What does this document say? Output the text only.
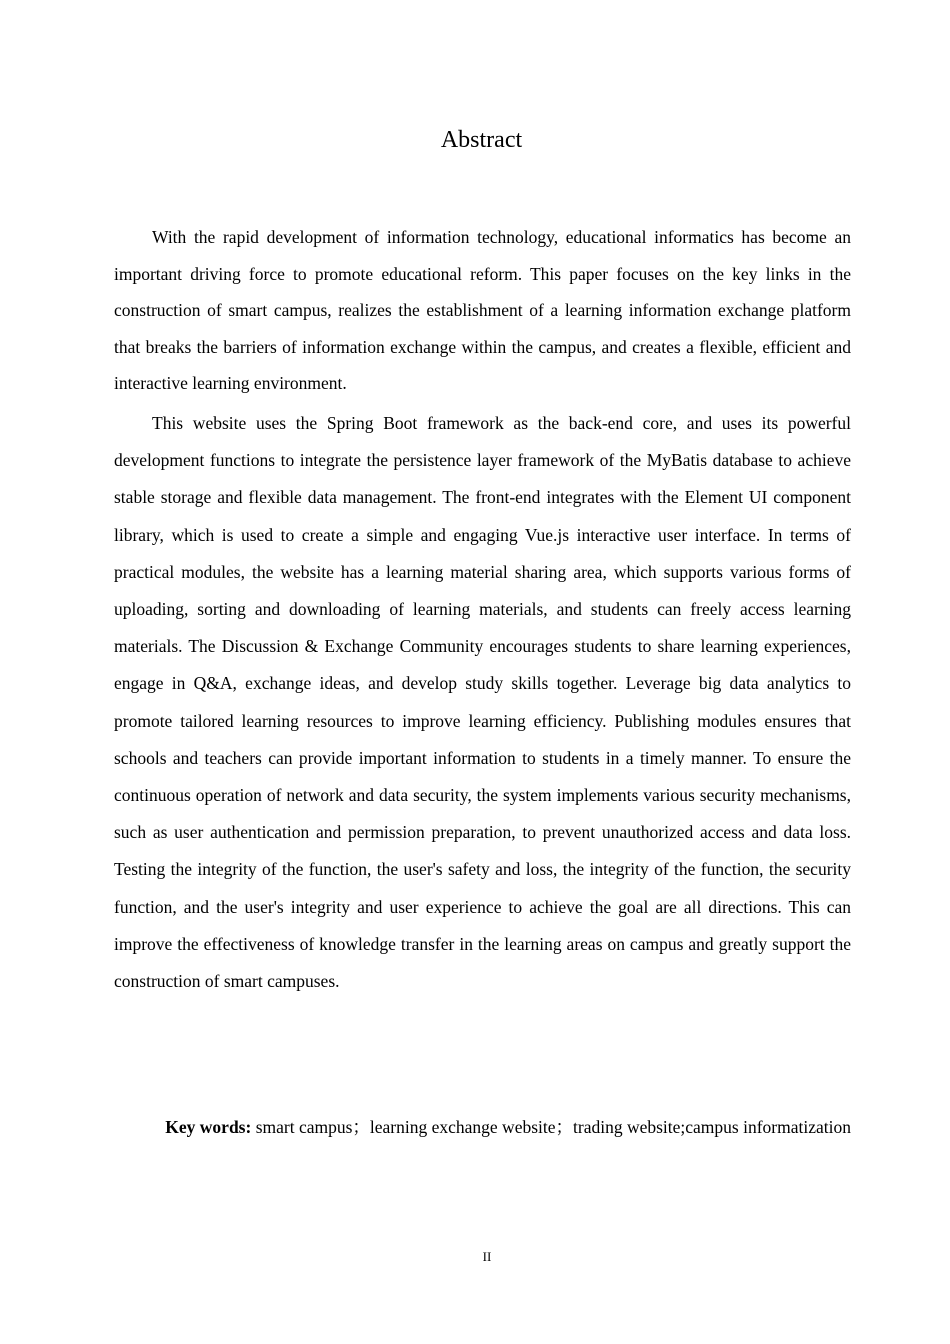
Abstract

With the rapid development of information technology, educational informatics has become an important driving force to promote educational reform. This paper focuses on the key links in the construction of smart campus, realizes the establishment of a learning information exchange platform that breaks the barriers of information exchange within the campus, and creates a flexible, efficient and interactive learning environment.

This website uses the Spring Boot framework as the back-end core, and uses its powerful development functions to integrate the persistence layer framework of the MyBatis database to achieve stable storage and flexible data management. The front-end integrates with the Element UI component library, which is used to create a simple and engaging Vue.js interactive user interface. In terms of practical modules, the website has a learning material sharing area, which supports various forms of uploading, sorting and downloading of learning materials, and students can freely access learning materials. The Discussion & Exchange Community encourages students to share learning experiences, engage in Q&A, exchange ideas, and develop study skills together. Leverage big data analytics to promote tailored learning resources to improve learning efficiency. Publishing modules ensures that schools and teachers can provide important information to students in a timely manner. To ensure the continuous operation of network and data security, the system implements various security mechanisms, such as user authentication and permission preparation, to prevent unauthorized access and data loss. Testing the integrity of the function, the user's safety and loss, the integrity of the function, the security function, and the user's integrity and user experience to achieve the goal are all directions. This can improve the effectiveness of knowledge transfer in the learning areas on campus and greatly support the construction of smart campuses.

Key words: smart campus；learning exchange website；trading website;campus informatization
II
